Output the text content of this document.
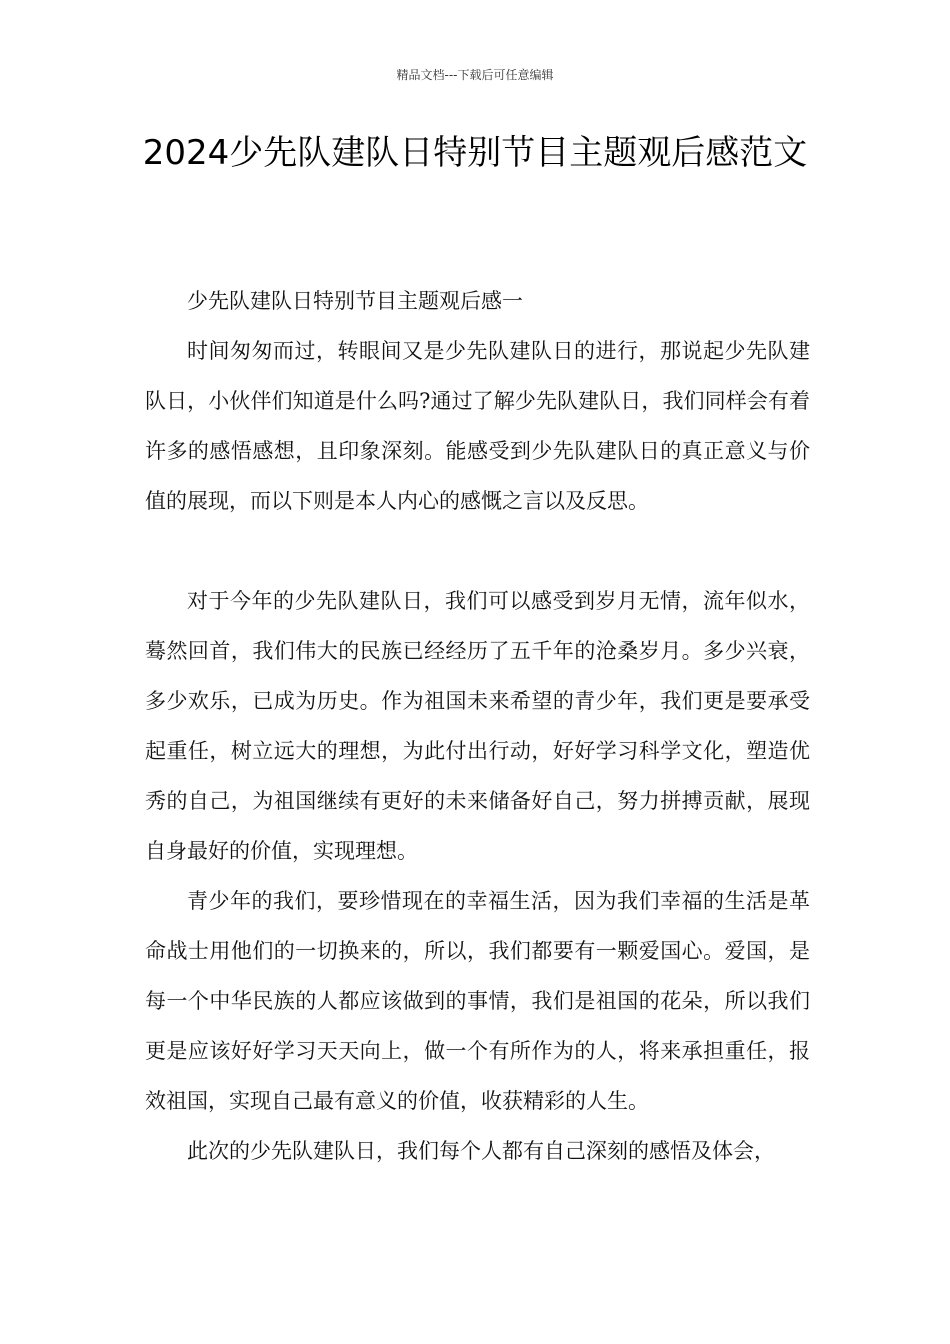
精品文档---下载后可任意编辑
2024少先队建队日特别节目主题观后感范文

少先队建队日特别节目主题观后感一

时间匆匆而过，转眼间又是少先队建队日的进行，那说起少先队建队日，小伙伴们知道是什么吗?通过了解少先队建队日，我们同样会有着许多的感悟感想，且印象深刻。能感受到少先队建队日的真正意义与价值的展现，而以下则是本人内心的感慨之言以及反思。

对于今年的少先队建队日，我们可以感受到岁月无情，流年似水，蓦然回首，我们伟大的民族已经经历了五千年的沧桑岁月。多少兴衰，多少欢乐，已成为历史。作为祖国未来希望的青少年，我们更是要承受起重任，树立远大的理想，为此付出行动，好好学习科学文化，塑造优秀的自己，为祖国继续有更好的未来储备好自己，努力拼搏贡献，展现自身最好的价值，实现理想。

青少年的我们，要珍惜现在的幸福生活，因为我们幸福的生活是革命战士用他们的一切换来的，所以，我们都要有一颗爱国心。爱国，是每一个中华民族的人都应该做到的事情，我们是祖国的花朵，所以我们更是应该好好学习天天向上，做一个有所作为的人，将来承担重任，报效祖国，实现自己最有意义的价值，收获精彩的人生。

此次的少先队建队日，我们每个人都有自己深刻的感悟及体会，
